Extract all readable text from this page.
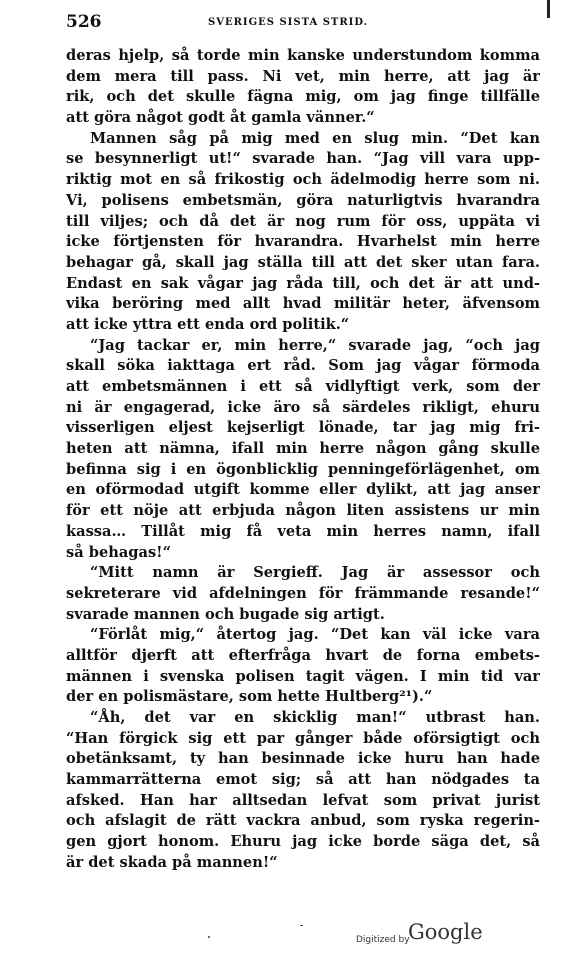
526	SVERIGES SISTA STRID.
deras hjelp, så torde min kanske understundom komma
dem mera till pass. Ni vet, min herre, att jag är
rik, och det skulle fägna mig, om jag finge tillfälle
att göra något godt åt gamla vänner.“
Mannen såg på mig med en slug min. “Det kan
se besynnerligt ut!“ svarade han. “Jag vill vara upp-
riktig mot en så frikostig och ädelmodig herre som ni.
Vi, polisens embetsmän, göra naturligtvis hvarandra
till viljes; och då det är nog rum för oss, uppäta vi
icke förtjensten för hvarandra. Hvarhelst min herre
behagar gå, skall jag ställa till att det sker utan fara.
Endast en sak vågar jag råda till, och det är att und-
vika beröring med allt hvad militär heter, äfvensom
att icke yttra ett enda ord politik.“
“Jag tackar er, min herre,“ svarade jag, “och jag
skall söka iakttaga ert råd. Som jag vågar förmoda
att embetsmännen i ett så vidlyftigt verk, som der
ni är engagerad, icke äro så särdeles rikligt, ehuru
visserligen eljest kejserligt lönade, tar jag mig fri-
heten att nämna, ifall min herre någon gång skulle
befinna sig i en ögonblicklig penningeförlägenhet, om
en oförmodad utgift komme eller dylikt, att jag anser
för ett nöje att erbjuda någon liten assistens ur min
kassa… Tillåt mig få veta min herres namn, ifall
så behagas!“
“Mitt namn är Sergieff. Jag är assessor och
sekreterare vid afdelningen för främmande resande!“
svarade mannen och bugade sig artigt.
“Förlåt mig,“ återtog jag. “Det kan väl icke vara
alltför djerft att efterfråga hvart de forna embets-
männen i svenska polisen tagit vägen. I min tid var
der en polismästare, som hette Hultberg²¹).“
“Åh, det var en skicklig man!“ utbrast han.
“Han förgick sig ett par gånger både oförsigtigt och
obetänksamt, ty han besinnade icke huru han hade
kammarrätterna emot sig; så att han nödgades ta
afsked. Han har alltsedan lefvat som privat jurist
och afslagit de rätt vackra anbud, som ryska regerin-
gen gjort honom. Ehuru jag icke borde säga det, så
är det skada på mannen!“
Digitized by
Google
